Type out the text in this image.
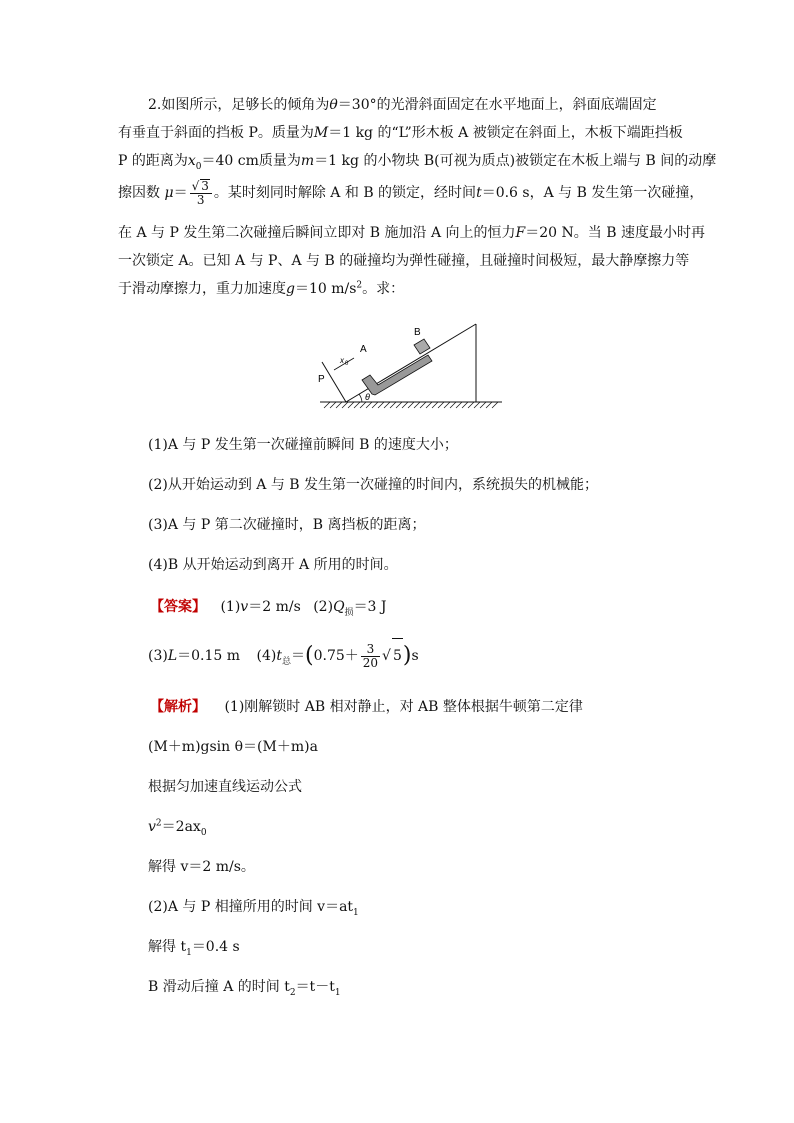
2.如图所示，足够长的倾角为θ＝30°的光滑斜面固定在水平地面上，斜面底端固定
有垂直于斜面的挡板 P。质量为M＝1 kg 的“L”形木板 A 被锁定在斜面上，木板下端距挡板
P 的距离为$x_0=40$ cm质量为m＝1 kg 的小物块 B(可视为质点)被锁定在木板上端与 B 间的动摩
擦因数 $\mu= \frac{√ 3}{3}$ 。某时刻同时解除 A 和 B 的锁定，经时间t＝0.6 s，A 与 B 发生第一次碰撞，
在 A 与 P 发生第二次碰撞后瞬间立即对 B 施加沿 A 向上的恒力F＝20 N。当 B 速度最小时再
一次锁定 A。已知 A 与 P、A 与 B 的碰撞均为弹性碰撞，且碰撞时间极短，最大静摩擦力等
于滑动摩擦力，重力加速度g＝10 $m/s^2$。求：
x 0
B
A
P
θ
(1)A 与 P 发生第一次碰撞前瞬间 B 的速度大小；
(2)从开始运动到 A 与 B 发生第一次碰撞的时间内，系统损失的机械能；
(3)A 与 P 第二次碰撞时，B 离挡板的距离；
(4)B 从开始运动到离开 A 所用的时间。
【答案】 (1)v＝2 m/s $(2)Q_损=3$ J
(3)L＝0.15 m $(4)t_总=(0.75+ \frac{3}{20}$ √ 5)s
【解析】 (1)刚解锁时 AB 相对静止，对 AB 整体根据牛顿第二定律
(M＋m)gsin θ＝(M＋m)a
根据匀加速直线运动公式
$v^2=2ax_0$
解得 v＝2 m/s。
(2)A 与 P 相撞所用的时间 $v=at_1$
解得 $t_1=0.4$ s
B 滑动后撞 A 的时间 $t_2=t-t_1$
